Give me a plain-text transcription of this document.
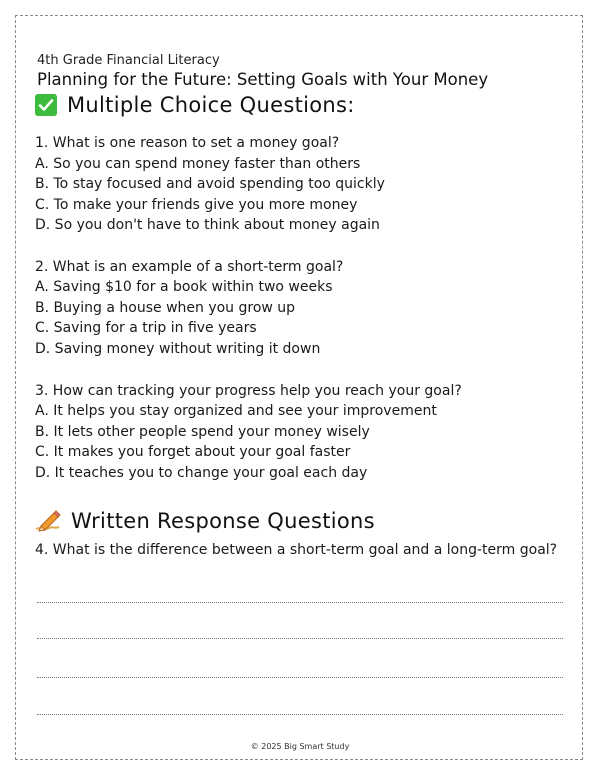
4th Grade Financial Literacy
Planning for the Future: Setting Goals with Your Money
Multiple Choice Questions:
1. What is one reason to set a money goal?
A. So you can spend money faster than others
B. To stay focused and avoid spending too quickly
C. To make your friends give you more money
D. So you don't have to think about money again
2. What is an example of a short-term goal?
A. Saving $10 for a book within two weeks
B. Buying a house when you grow up
C. Saving for a trip in five years
D. Saving money without writing it down
3. How can tracking your progress help you reach your goal?
A. It helps you stay organized and see your improvement
B. It lets other people spend your money wisely
C. It makes you forget about your goal faster
D. It teaches you to change your goal each day
Written Response Questions
4. What is the difference between a short-term goal and a long-term goal?
© 2025 Big Smart Study
